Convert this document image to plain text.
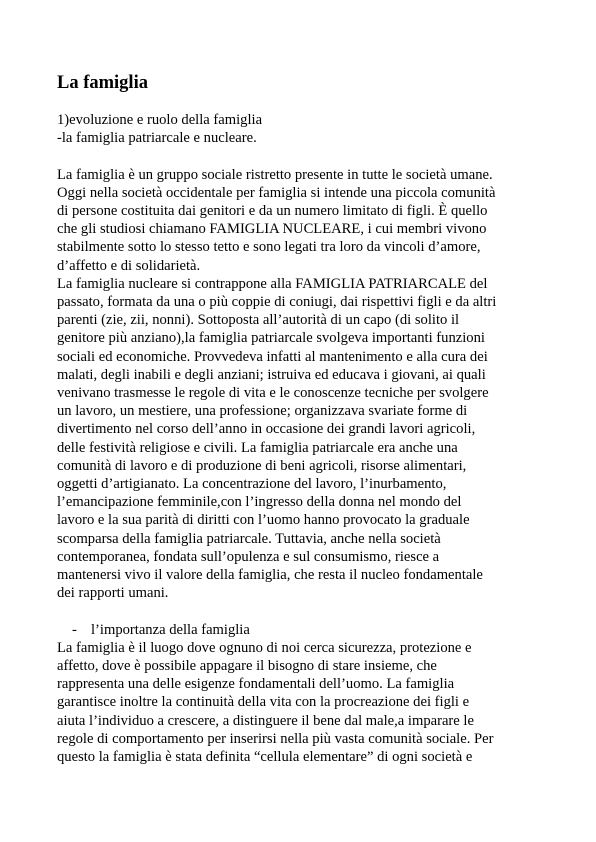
La famiglia

1)evoluzione e ruolo della famiglia

-la famiglia patriarcale e nucleare.

La famiglia è un gruppo sociale ristretto presente in tutte le società umane.

Oggi nella società occidentale per famiglia si intende una piccola comunità

di persone costituita dai genitori e da un numero limitato di figli. È quello

che gli studiosi chiamano FAMIGLIA NUCLEARE, i cui membri vivono

stabilmente sotto lo stesso tetto e sono legati tra loro da vincoli d’amore,

d’affetto e di solidarietà.

La famiglia nucleare si contrappone alla FAMIGLIA PATRIARCALE del

passato, formata da una o più coppie di coniugi, dai rispettivi figli e da altri

parenti (zie, zii, nonni). Sottoposta all’autorità di un capo (di solito il

genitore più anziano),la famiglia patriarcale svolgeva importanti funzioni

sociali ed economiche. Provvedeva infatti al mantenimento e alla cura dei

malati, degli inabili e degli anziani; istruiva ed educava i giovani, ai quali

venivano trasmesse le regole di vita e le conoscenze tecniche per svolgere

un lavoro, un mestiere, una professione; organizzava svariate forme di

divertimento nel corso dell’anno in occasione dei grandi lavori agricoli,

delle festività religiose e civili. La famiglia patriarcale era anche una

comunità di lavoro e di produzione di beni agricoli, risorse alimentari,

oggetti d’artigianato. La concentrazione del lavoro, l’inurbamento,

l’emancipazione femminile,con l’ingresso della donna nel mondo del

lavoro e la sua parità di diritti con l’uomo hanno provocato la graduale

scomparsa della famiglia patriarcale. Tuttavia, anche nella società

contemporanea, fondata sull’opulenza e sul consumismo, riesce a

mantenersi vivo il valore della famiglia, che resta il nucleo fondamentale

dei rapporti umani.

- l’importanza della famiglia

La famiglia è il luogo dove ognuno di noi cerca sicurezza, protezione e

affetto, dove è possibile appagare il bisogno di stare insieme, che

rappresenta una delle esigenze fondamentali dell’uomo. La famiglia

garantisce inoltre la continuità della vita con la procreazione dei figli e

aiuta l’individuo a crescere, a distinguere il bene dal male,a imparare le

regole di comportamento per inserirsi nella più vasta comunità sociale. Per

questo la famiglia è stata definita “cellula elementare” di ogni società e
